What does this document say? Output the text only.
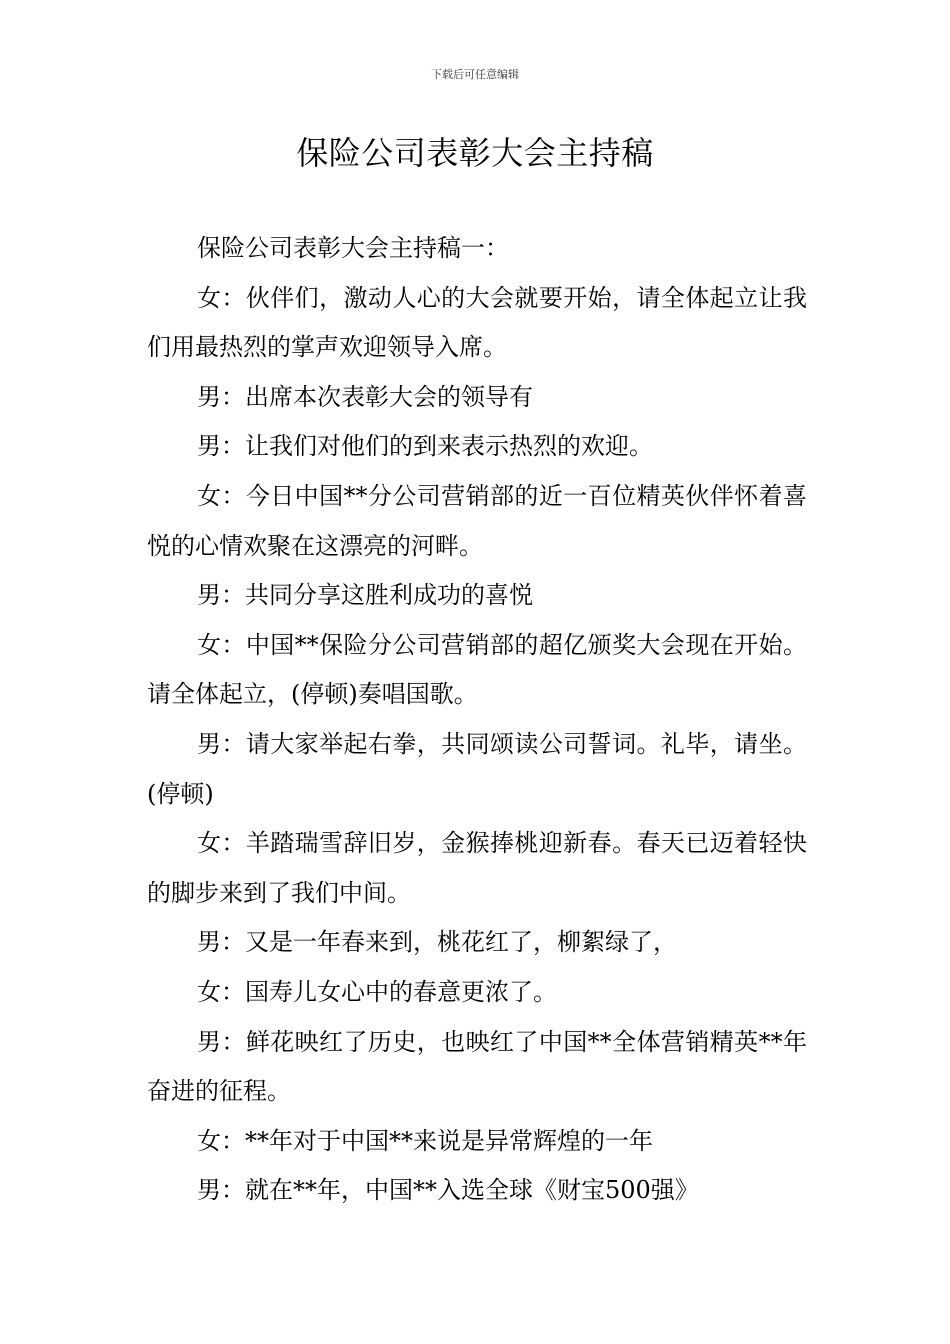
下载后可任意编辑
保险公司表彰大会主持稿

保险公司表彰大会主持稿一：

女：伙伴们，激动人心的大会就要开始，请全体起立让我们用最热烈的掌声欢迎领导入席。

男：出席本次表彰大会的领导有

男：让我们对他们的到来表示热烈的欢迎。

女：今日中国**分公司营销部的近一百位精英伙伴怀着喜悦的心情欢聚在这漂亮的河畔。

男：共同分享这胜利成功的喜悦

女：中国**保险分公司营销部的超亿颁奖大会现在开始。请全体起立，(停顿)奏唱国歌。

男：请大家举起右拳，共同颂读公司誓词。礼毕，请坐。(停顿)

女：羊踏瑞雪辞旧岁，金猴捧桃迎新春。春天已迈着轻快的脚步来到了我们中间。

男：又是一年春来到，桃花红了，柳絮绿了，

女：国寿儿女心中的春意更浓了。

男：鲜花映红了历史，也映红了中国**全体营销精英**年奋进的征程。

女：**年对于中国**来说是异常辉煌的一年

男：就在**年，中国**入选全球《财宝500强》
